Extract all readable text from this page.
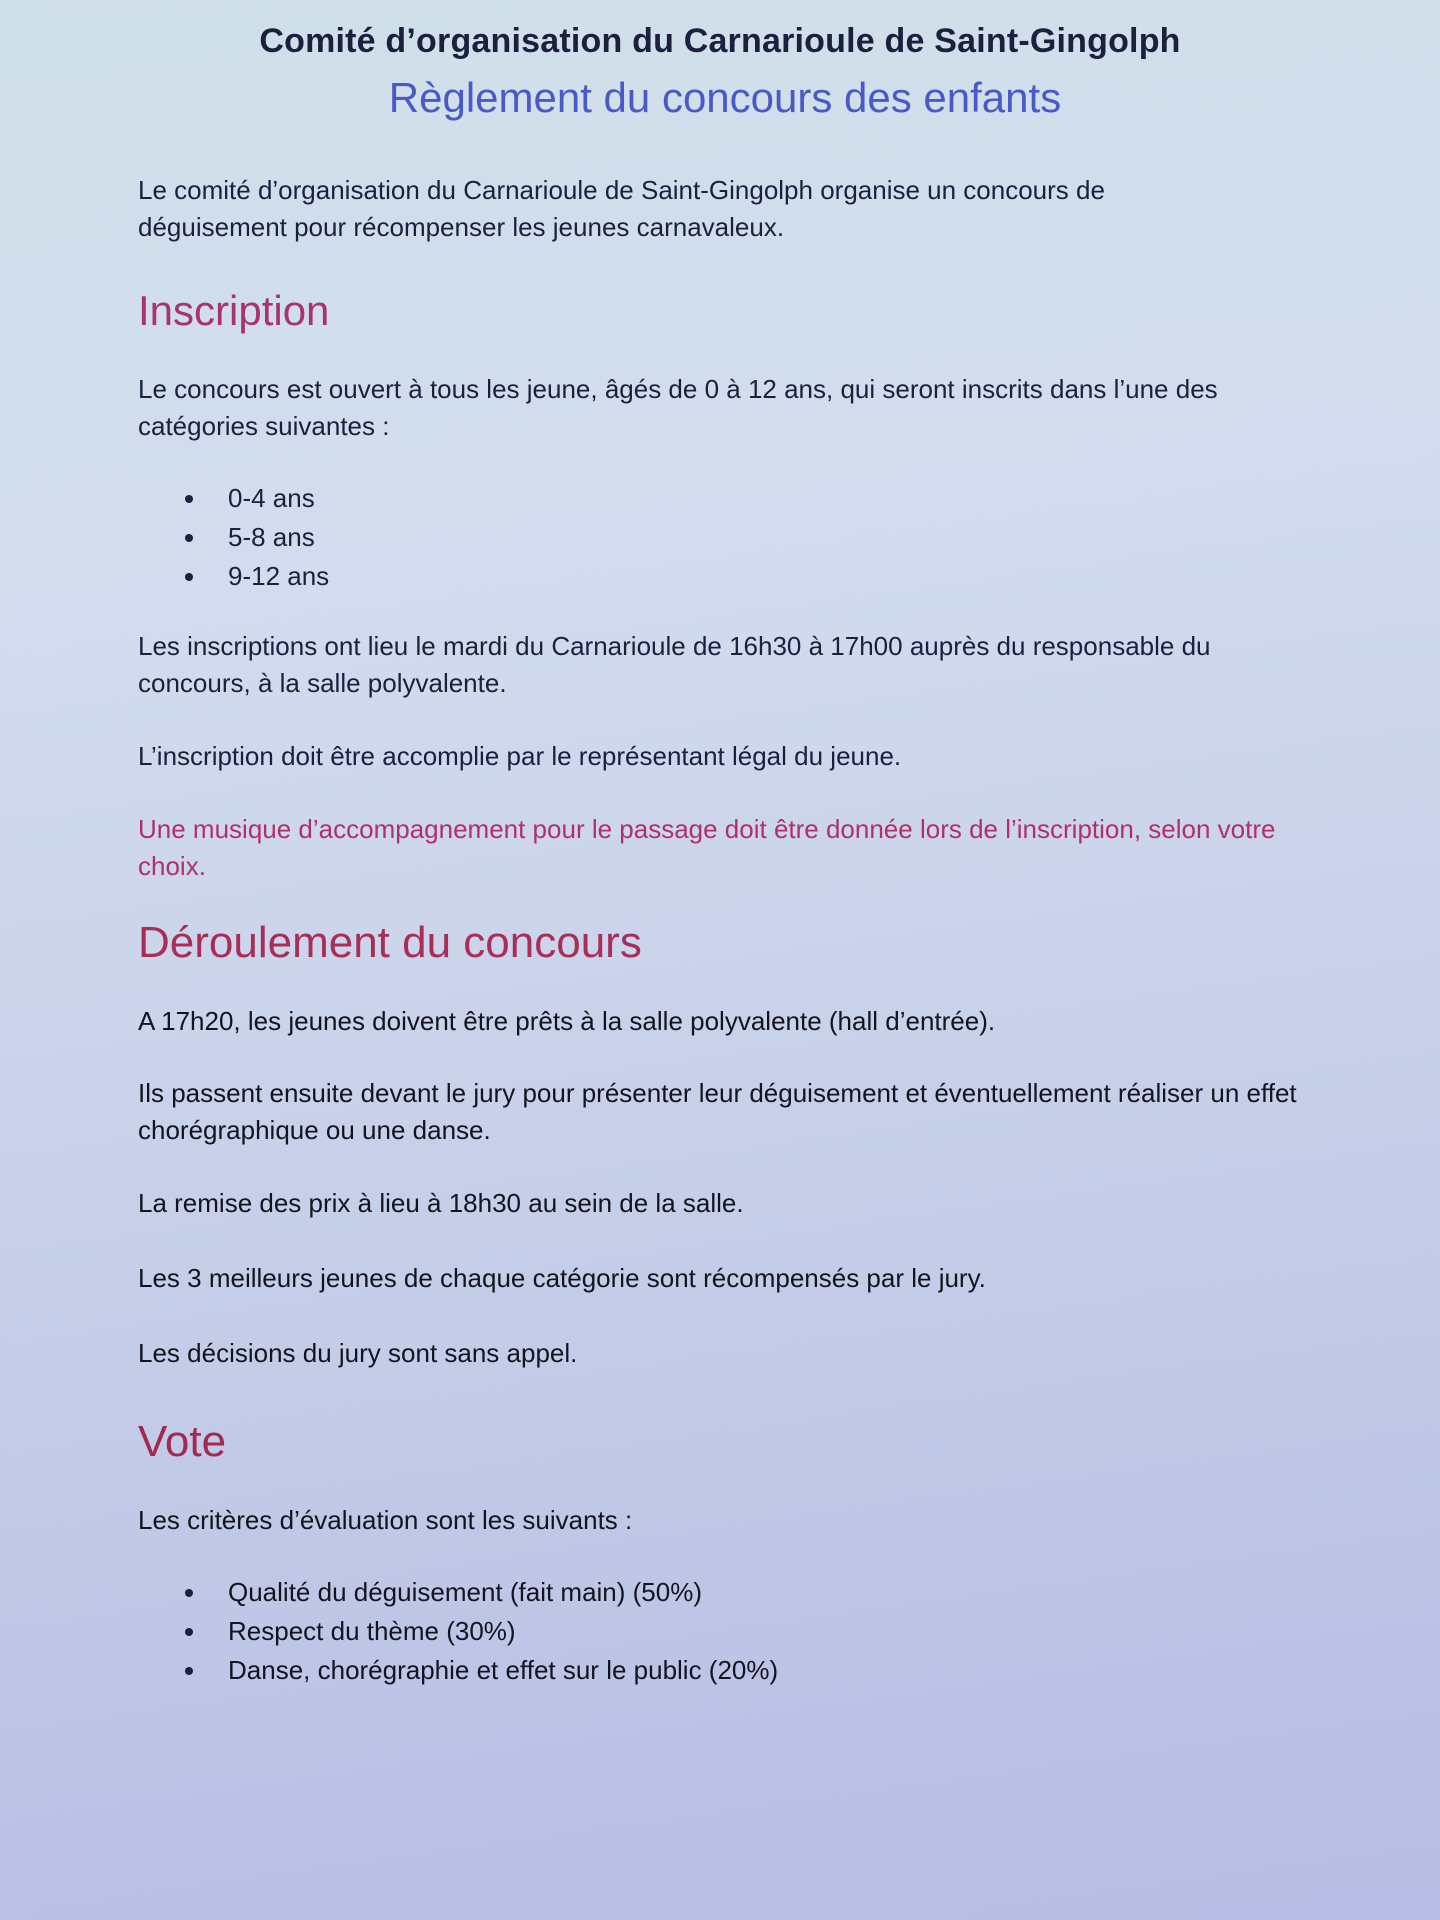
Comité d’organisation du Carnarioule de Saint-Gingolph
Règlement du concours des enfants

Le comité d’organisation du Carnarioule de Saint-Gingolph organise un concours de déguisement pour récompenser les jeunes carnavaleux.

Inscription

Le concours est ouvert à tous les jeune, âgés de 0 à 12 ans, qui seront inscrits dans l’une des catégories suivantes :

0-4 ans
5-8 ans
9-12 ans

Les inscriptions ont lieu le mardi du Carnarioule de 16h30 à 17h00 auprès du responsable du concours, à la salle polyvalente.

L’inscription doit être accomplie par le représentant légal du jeune.

Une musique d’accompagnement pour le passage doit être donnée lors de l’inscription, selon votre choix.

Déroulement du concours

A 17h20, les jeunes doivent être prêts à la salle polyvalente (hall d’entrée).

Ils passent ensuite devant le jury pour présenter leur déguisement et éventuellement réaliser un effet chorégraphique ou une danse.

La remise des prix à lieu à 18h30 au sein de la salle.

Les 3 meilleurs jeunes de chaque catégorie sont récompensés par le jury.

Les décisions du jury sont sans appel.

Vote

Les critères d’évaluation sont les suivants :

Qualité du déguisement (fait main) (50%)
Respect du thème (30%)
Danse, chorégraphie et effet sur le public (20%)
